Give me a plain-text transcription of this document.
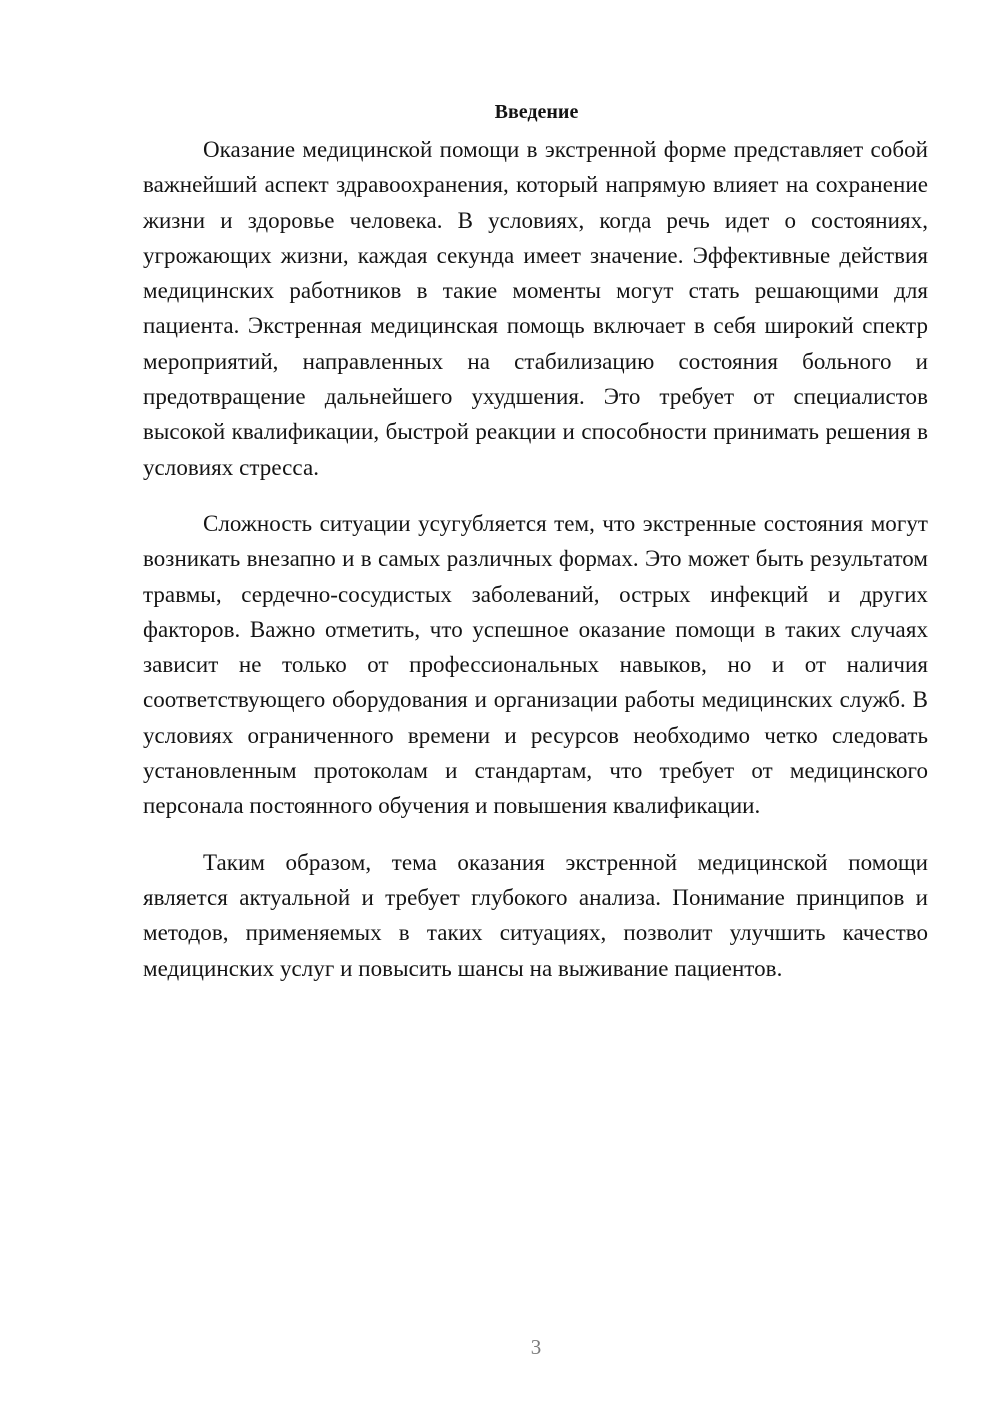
Введение

Оказание медицинской помощи в экстренной форме представляет собой важнейший аспект здравоохранения, который напрямую влияет на сохранение жизни и здоровье человека. В условиях, когда речь идет о состояниях, угрожающих жизни, каждая секунда имеет значение. Эффективные действия медицинских работников в такие моменты могут стать решающими для пациента. Экстренная медицинская помощь включает в себя широкий спектр мероприятий, направленных на стабилизацию состояния больного и предотвращение дальнейшего ухудшения. Это требует от специалистов высокой квалификации, быстрой реакции и способности принимать решения в условиях стресса.

Сложность ситуации усугубляется тем, что экстренные состояния могут возникать внезапно и в самых различных формах. Это может быть результатом травмы, сердечно-сосудистых заболеваний, острых инфекций и других факторов. Важно отметить, что успешное оказание помощи в таких случаях зависит не только от профессиональных навыков, но и от наличия соответствующего оборудования и организации работы медицинских служб. В условиях ограниченного времени и ресурсов необходимо четко следовать установленным протоколам и стандартам, что требует от медицинского персонала постоянного обучения и повышения квалификации.

Таким образом, тема оказания экстренной медицинской помощи является актуальной и требует глубокого анализа. Понимание принципов и методов, применяемых в таких ситуациях, позволит улучшить качество медицинских услуг и повысить шансы на выживание пациентов.

3
